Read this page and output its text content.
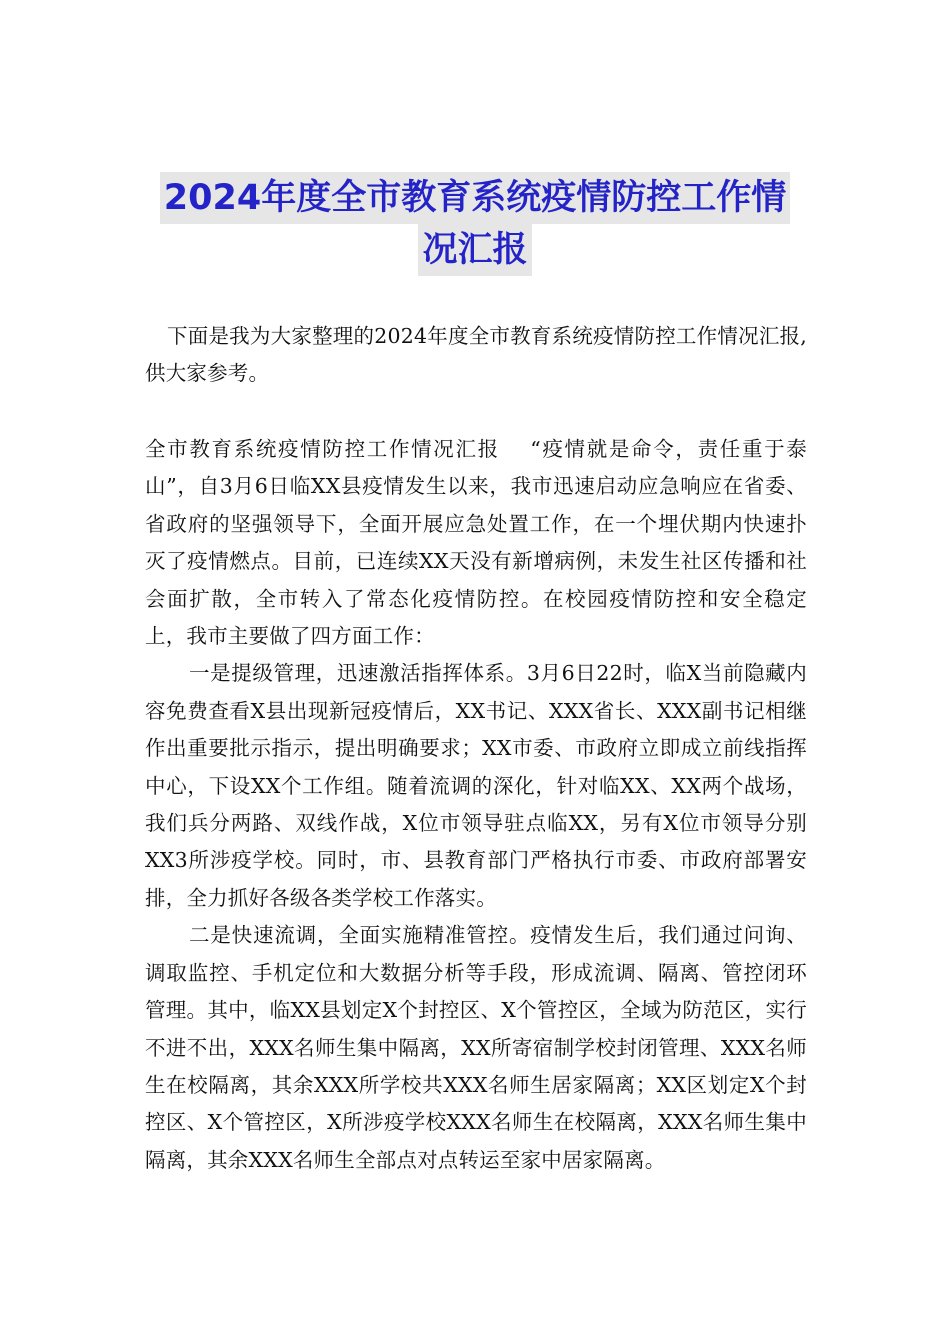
2024年度全市教育系统疫情防控工作情
况汇报

下面是我为大家整理的2024年度全市教育系统疫情防控工作情况汇报,供大家参考。

全市教育系统疫情防控工作情况汇报　 “疫情就是命令，责任重于泰山”，自3月6日临XX县疫情发生以来，我市迅速启动应急响应在省委、省政府的坚强领导下，全面开展应急处置工作，在一个埋伏期内快速扑灭了疫情燃点。目前，已连续XX天没有新增病例，未发生社区传播和社会面扩散，全市转入了常态化疫情防控。在校园疫情防控和安全稳定上，我市主要做了四方面工作：

一是提级管理，迅速激活指挥体系。3月6日22时，临X当前隐藏内容免费查看X县出现新冠疫情后，XX书记、XXX省长、XXX副书记相继作出重要批示指示，提出明确要求；XX市委、市政府立即成立前线指挥中心，下设XX个工作组。随着流调的深化，针对临XX、XX两个战场，我们兵分两路、双线作战，X位市领导驻点临XX，另有X位市领导分别XX3所涉疫学校。同时，市、县教育部门严格执行市委、市政府部署安排，全力抓好各级各类学校工作落实。

二是快速流调，全面实施精准管控。疫情发生后，我们通过问询、调取监控、手机定位和大数据分析等手段，形成流调、隔离、管控闭环管理。其中，临XX县划定X个封控区、X个管控区，全域为防范区，实行不进不出，XXX名师生集中隔离，XX所寄宿制学校封闭管理、XXX名师生在校隔离，其余XXX所学校共XXX名师生居家隔离；XX区划定X个封控区、X个管控区，X所涉疫学校XXX名师生在校隔离，XXX名师生集中隔离，其余XXX名师生全部点对点转运至家中居家隔离。
